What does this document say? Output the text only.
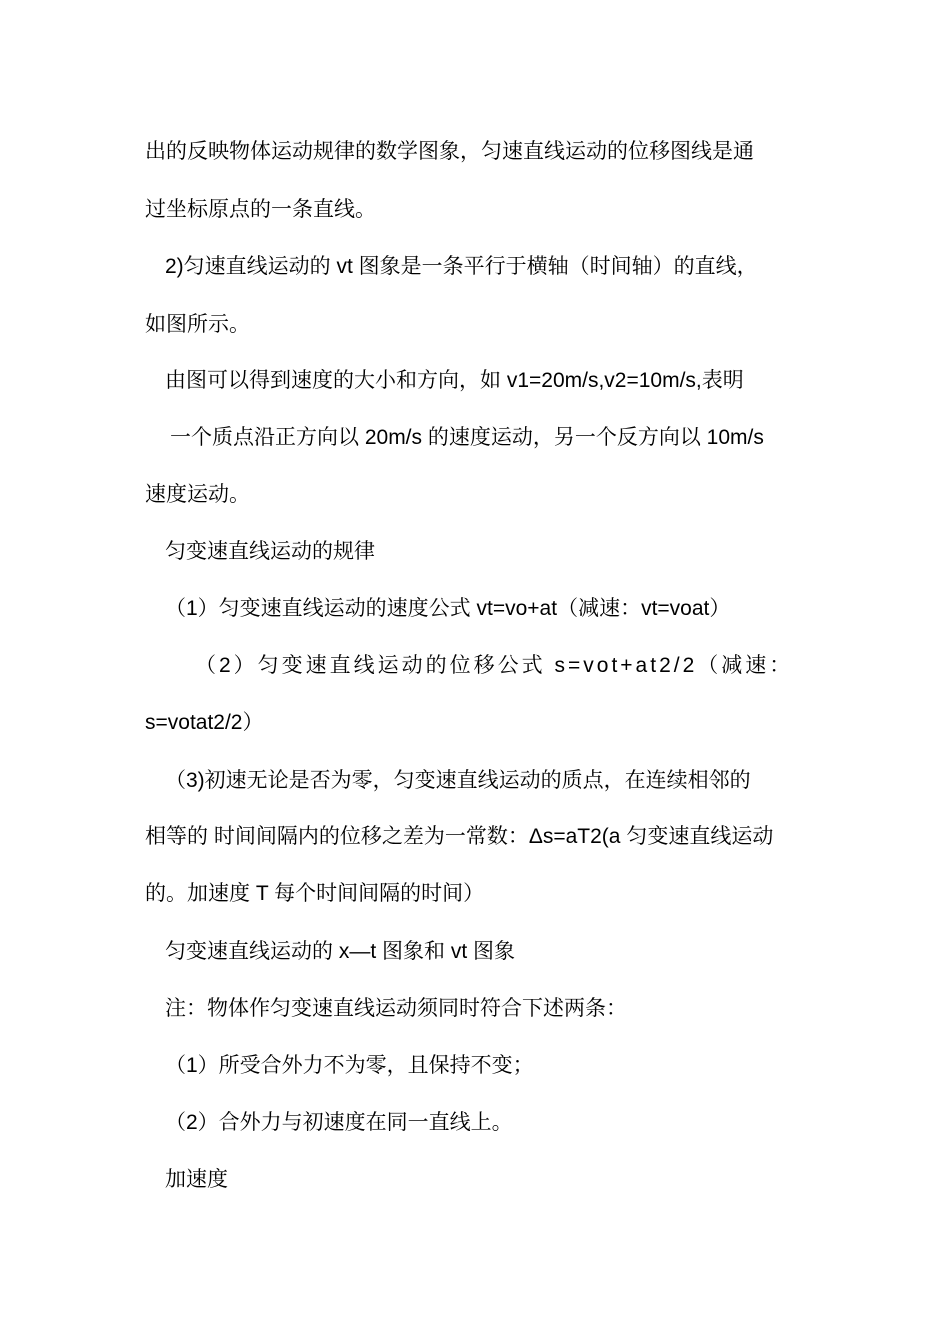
出的反映物体运动规律的数学图象，匀速直线运动的位移图线是通
过坐标原点的一条直线。
2)匀速直线运动的 vt 图象是一条平行于横轴（时间轴）的直线，
如图所示。
由图可以得到速度的大小和方向，如 v1=20m/s,v2=10m/s,表明
一个质点沿正方向以 20m/s 的速度运动，另一个反方向以 10m/s
速度运动。
匀变速直线运动的规律
（1）匀变速直线运动的速度公式 vt=vo+at（减速：vt=voat）
（2）匀变速直线运动的位移公式 s=vot+at2/2（减速：
s=votat2/2）
（3)初速无论是否为零，匀变速直线运动的质点，在连续相邻的
相等的 时间间隔内的位移之差为一常数：Δs=aT2(a 匀变速直线运动
的。加速度 T 每个时间间隔的时间）
匀变速直线运动的 x—t 图象和 vt 图象
注：物体作匀变速直线运动须同时符合下述两条：
（1）所受合外力不为零，且保持不变；
（2）合外力与初速度在同一直线上。
加速度
